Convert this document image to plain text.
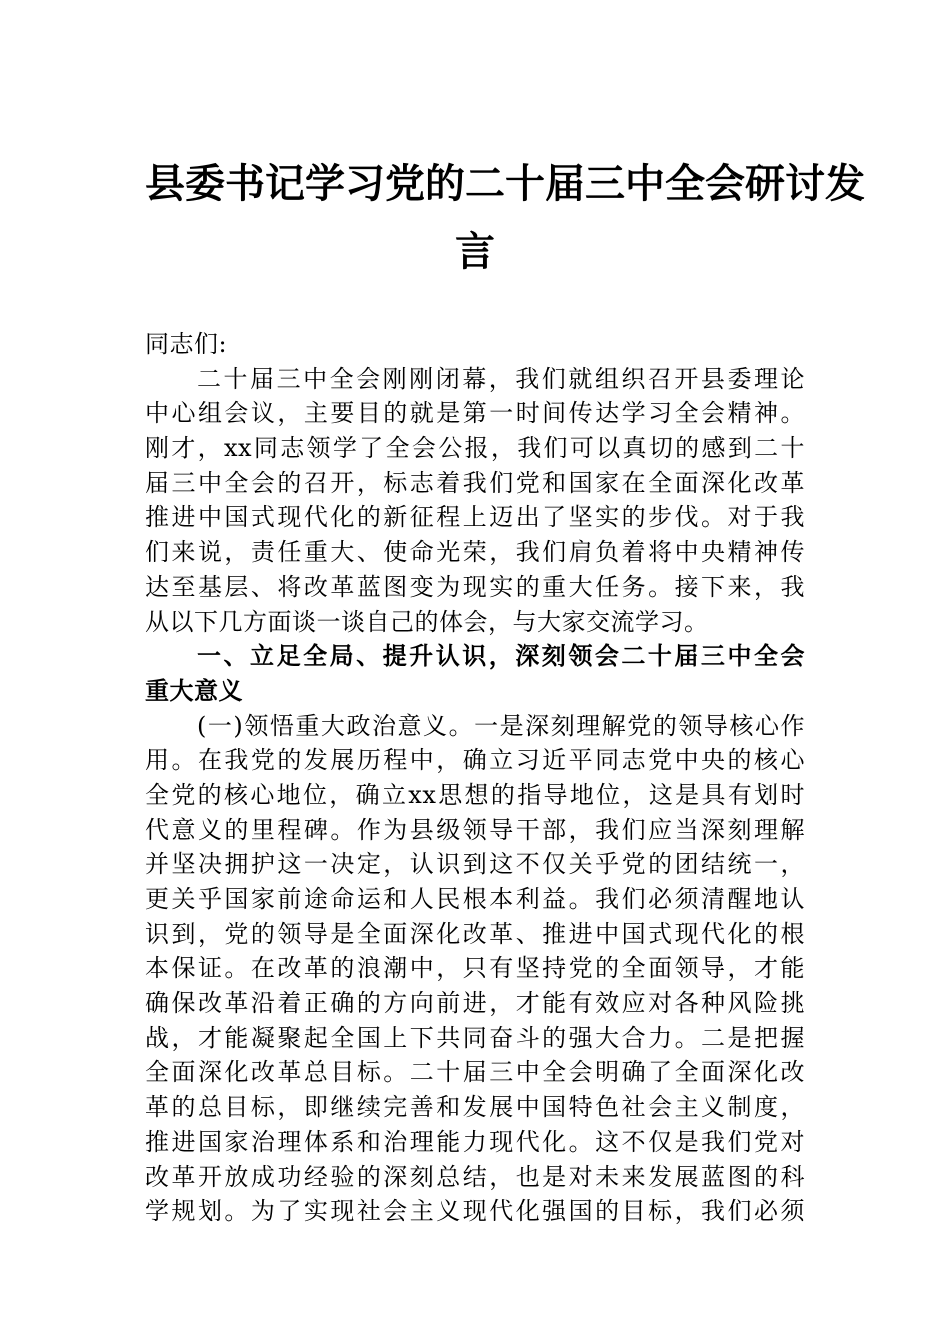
县委书记学习党的二十届三中全会研讨发
言
同志们:
二十届三中全会刚刚闭幕，我们就组织召开县委理论
中心组会议，主要目的就是第一时间传达学习全会精神。
刚才，xx同志领学了全会公报，我们可以真切的感到二十
届三中全会的召开，标志着我们党和国家在全面深化改革
推进中国式现代化的新征程上迈出了坚实的步伐。对于我
们来说，责任重大、使命光荣，我们肩负着将中央精神传
达至基层、将改革蓝图变为现实的重大任务。接下来，我
从以下几方面谈一谈自己的体会，与大家交流学习。
一、立足全局、提升认识，深刻领会二十届三中全会
重大意义
(一)领悟重大政治意义。一是深刻理解党的领导核心作
用。在我党的发展历程中，确立习近平同志党中央的核心
全党的核心地位，确立xx思想的指导地位，这是具有划时
代意义的里程碑。作为县级领导干部，我们应当深刻理解
并坚决拥护这一决定，认识到这不仅关乎党的团结统一，
更关乎国家前途命运和人民根本利益。我们必须清醒地认
识到，党的领导是全面深化改革、推进中国式现代化的根
本保证。在改革的浪潮中，只有坚持党的全面领导，才能
确保改革沿着正确的方向前进，才能有效应对各种风险挑
战，才能凝聚起全国上下共同奋斗的强大合力。二是把握
全面深化改革总目标。二十届三中全会明确了全面深化改
革的总目标，即继续完善和发展中国特色社会主义制度，
推进国家治理体系和治理能力现代化。这不仅是我们党对
改革开放成功经验的深刻总结，也是对未来发展蓝图的科
学规划。为了实现社会主义现代化强国的目标，我们必须
